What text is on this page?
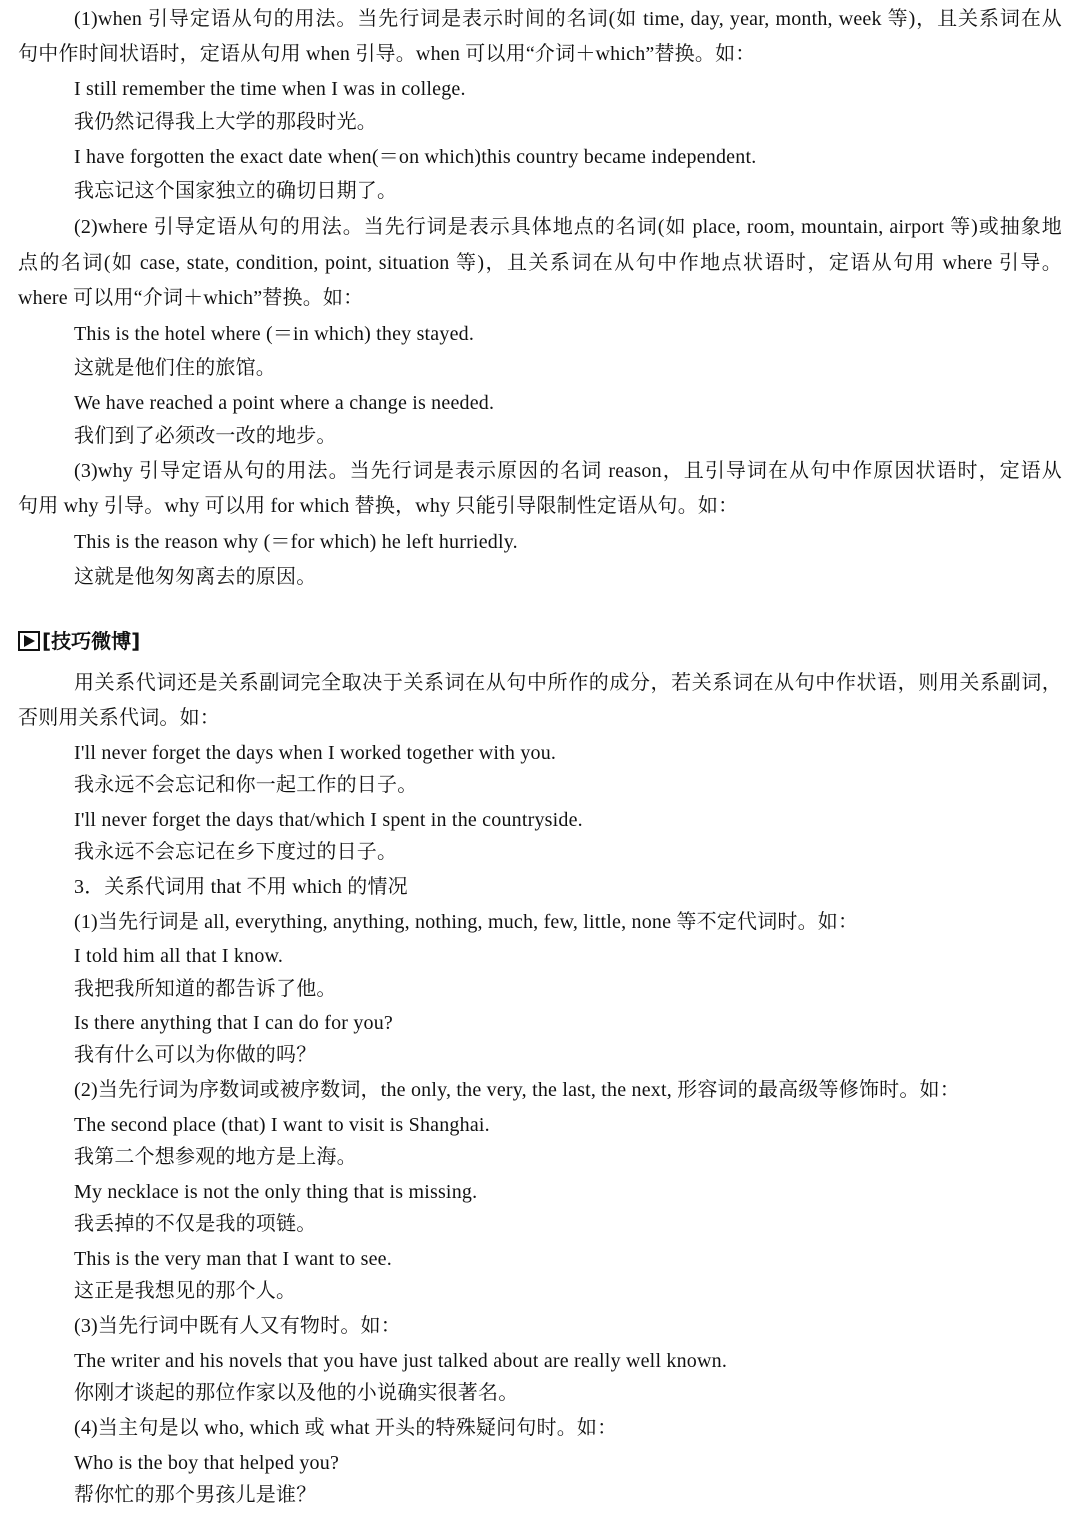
(1)when 引导定语从句的用法。当先行词是表示时间的名词(如 time, day, year, month, week 等)，且关系词在从
句中作时间状语时，定语从句用 when 引导。when 可以用“介词＋which”替换。如：
I still remember the time when I was in college.
我仍然记得我上大学的那段时光。
I have forgotten the exact date when(＝on which)this country became independent.
我忘记这个国家独立的确切日期了。
(2)where 引导定语从句的用法。当先行词是表示具体地点的名词(如 place, room, mountain, airport 等)或抽象地
点的名词(如 case, state, condition, point, situation 等)，且关系词在从句中作地点状语时，定语从句用 where 引导。
where 可以用“介词＋which”替换。如：
This is the hotel where (＝in which) they stayed.
这就是他们住的旅馆。
We have reached a point where a change is needed.
我们到了必须改一改的地步。
(3)why 引导定语从句的用法。当先行词是表示原因的名词 reason，且引导词在从句中作原因状语时，定语从
句用 why 引导。why 可以用 for which 替换，why 只能引导限制性定语从句。如：
This is the reason why (＝for which) he left hurriedly.
这就是他匆匆离去的原因。
[技巧微博]
用关系代词还是关系副词完全取决于关系词在从句中所作的成分，若关系词在从句中作状语，则用关系副词，
否则用关系代词。如：
I'll never forget the days when I worked together with you.
我永远不会忘记和你一起工作的日子。
I'll never forget the days that/which I spent in the countryside.
我永远不会忘记在乡下度过的日子。
3．关系代词用 that 不用 which 的情况
(1)当先行词是 all, everything, anything, nothing, much, few, little, none 等不定代词时。如：
I told him all that I know.
我把我所知道的都告诉了他。
Is there anything that I can do for you?
我有什么可以为你做的吗？
(2)当先行词为序数词或被序数词，the only, the very, the last, the next, 形容词的最高级等修饰时。如：
The second place (that) I want to visit is Shanghai.
我第二个想参观的地方是上海。
My necklace is not the only thing that is missing.
我丢掉的不仅是我的项链。
This is the very man that I want to see.
这正是我想见的那个人。
(3)当先行词中既有人又有物时。如：
The writer and his novels that you have just talked about are really well known.
你刚才谈起的那位作家以及他的小说确实很著名。
(4)当主句是以 who, which 或 what 开头的特殊疑问句时。如：
Who is the boy that helped you?
帮你忙的那个男孩儿是谁？
